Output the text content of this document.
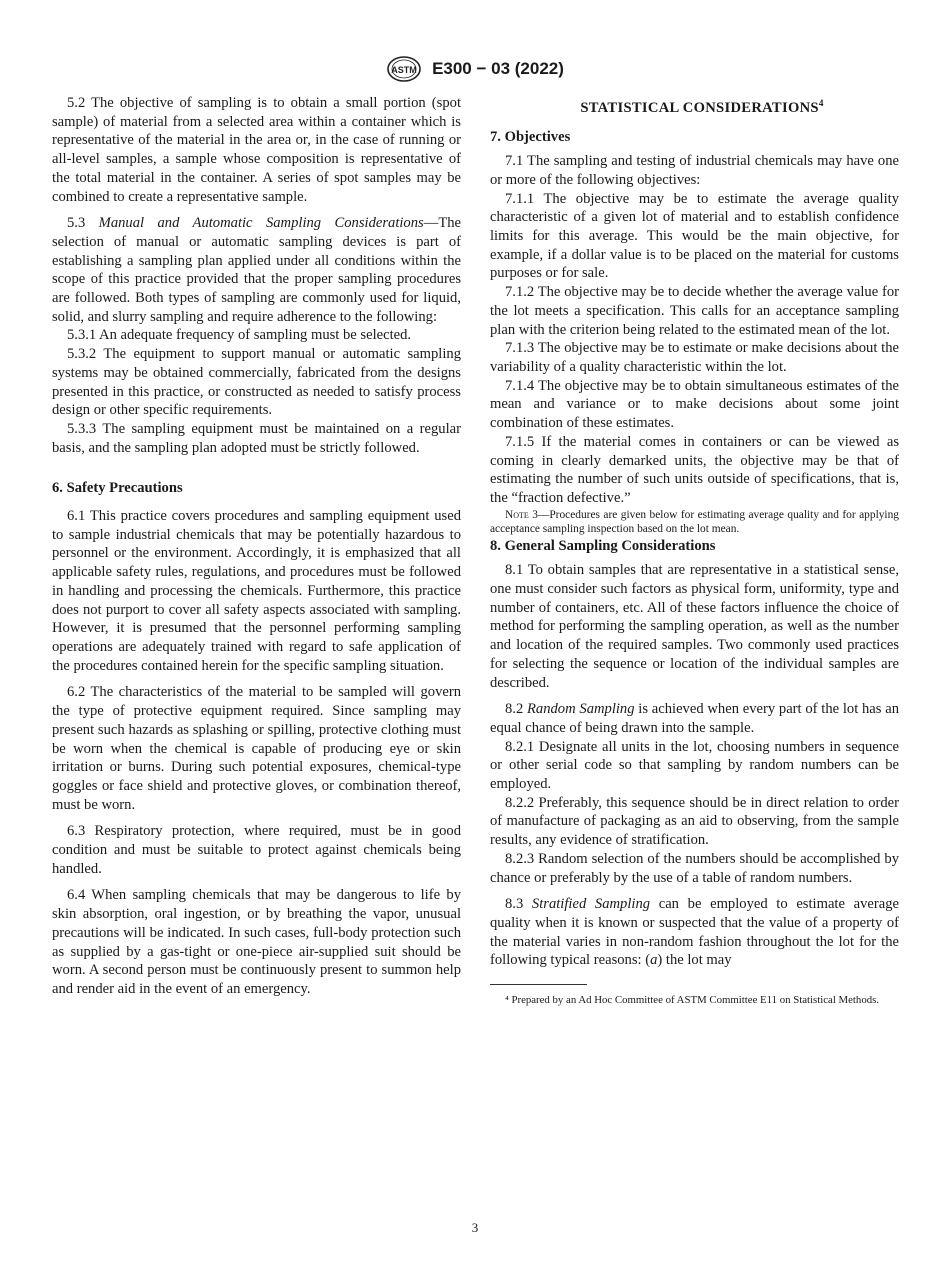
ASTM E300 − 03 (2022)

5.2 The objective of sampling is to obtain a small portion (spot sample) of material from a selected area within a container which is representative of the material in the area or, in the case of running or all-level samples, a sample whose composition is representative of the total material in the container. A series of spot samples may be combined to create a representative sample.

5.3 Manual and Automatic Sampling Considerations—The selection of manual or automatic sampling devices is part of establishing a sampling plan applied under all conditions within the scope of this practice provided that the proper sampling procedures are followed. Both types of sampling are commonly used for liquid, solid, and slurry sampling and require adherence to the following:

5.3.1 An adequate frequency of sampling must be selected.

5.3.2 The equipment to support manual or automatic sampling systems may be obtained commercially, fabricated from the designs presented in this practice, or constructed as needed to satisfy process design or other specific requirements.

5.3.3 The sampling equipment must be maintained on a regular basis, and the sampling plan adopted must be strictly followed.

6. Safety Precautions

6.1 This practice covers procedures and sampling equipment used to sample industrial chemicals that may be potentially hazardous to personnel or the environment. Accordingly, it is emphasized that all applicable safety rules, regulations, and procedures must be followed in handling and processing the chemicals. Furthermore, this practice does not purport to cover all safety aspects associated with sampling. However, it is presumed that the personnel performing sampling operations are adequately trained with regard to safe application of the procedures contained herein for the specific sampling situation.

6.2 The characteristics of the material to be sampled will govern the type of protective equipment required. Since sampling may present such hazards as splashing or spilling, protective clothing must be worn when the chemical is capable of producing eye or skin irritation or burns. During such potential exposures, chemical-type goggles or face shield and protective gloves, or combination thereof, must be worn.

6.3 Respiratory protection, where required, must be in good condition and must be suitable to protect against chemicals being handled.

6.4 When sampling chemicals that may be dangerous to life by skin absorption, oral ingestion, or by breathing the vapor, unusual precautions will be indicated. In such cases, full-body protection such as supplied by a gas-tight or one-piece air-supplied suit should be worn. A second person must be continuously present to summon help and render aid in the event of an emergency.

STATISTICAL CONSIDERATIONS$^4$

7. Objectives

7.1 The sampling and testing of industrial chemicals may have one or more of the following objectives:

7.1.1 The objective may be to estimate the average quality characteristic of a given lot of material and to establish confidence limits for this average. This would be the main objective, for example, if a dollar value is to be placed on the material for customs purposes or for sale.

7.1.2 The objective may be to decide whether the average value for the lot meets a specification. This calls for an acceptance sampling plan with the criterion being related to the estimated mean of the lot.

7.1.3 The objective may be to estimate or make decisions about the variability of a quality characteristic within the lot.

7.1.4 The objective may be to obtain simultaneous estimates of the mean and variance or to make decisions about some joint combination of these estimates.

7.1.5 If the material comes in containers or can be viewed as coming in clearly demarked units, the objective may be that of estimating the number of such units outside of specifications, that is, the “fraction defective.”

Note 3—Procedures are given below for estimating average quality and for applying acceptance sampling inspection based on the lot mean.

8. General Sampling Considerations

8.1 To obtain samples that are representative in a statistical sense, one must consider such factors as physical form, uniformity, type and number of containers, etc. All of these factors influence the choice of method for performing the sampling operation, as well as the number and location of the required samples. Two commonly used practices for selecting the sequence or location of the individual samples are described.

8.2 Random Sampling is achieved when every part of the lot has an equal chance of being drawn into the sample.

8.2.1 Designate all units in the lot, choosing numbers in sequence or other serial code so that sampling by random numbers can be employed.

8.2.2 Preferably, this sequence should be in direct relation to order of manufacture of packaging as an aid to observing, from the sample results, any evidence of stratification.

8.2.3 Random selection of the numbers should be accomplished by chance or preferably by the use of a table of random numbers.

8.3 Stratified Sampling can be employed to estimate average quality when it is known or suspected that the value of a property of the material varies in non-random fashion throughout the lot for the following typical reasons: (a) the lot may

⁴ Prepared by an Ad Hoc Committee of ASTM Committee E11 on Statistical Methods.

3
